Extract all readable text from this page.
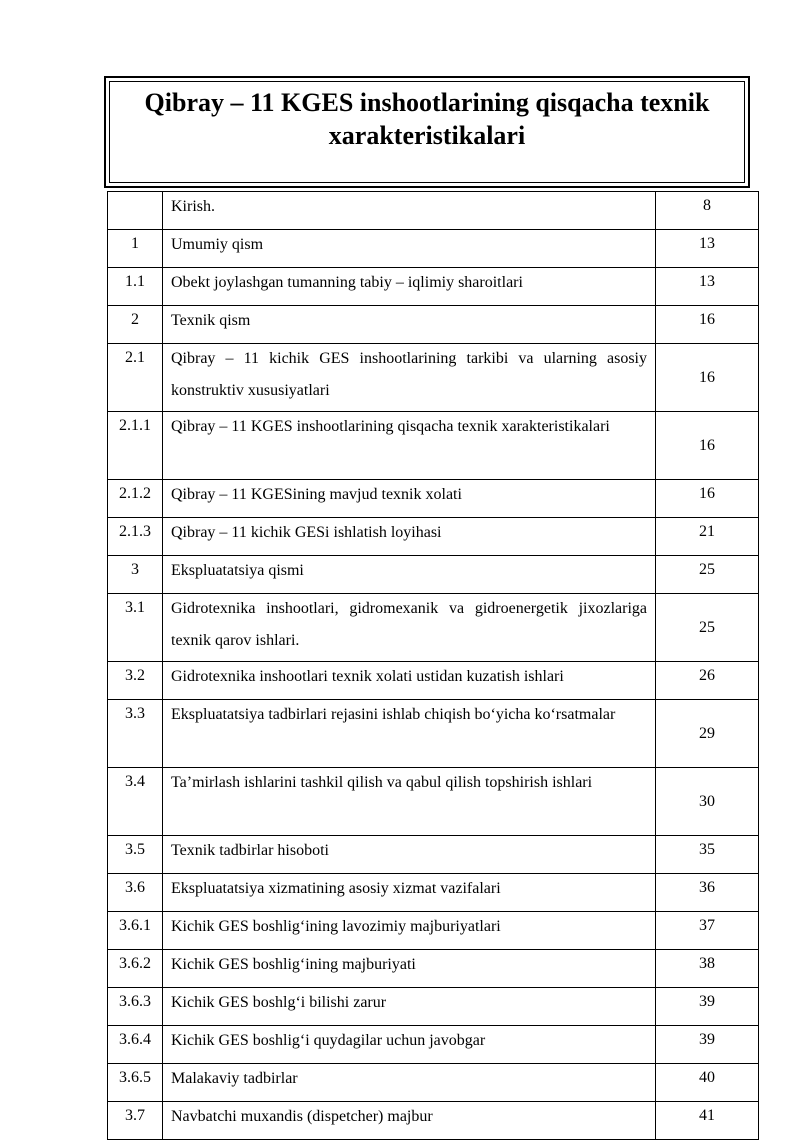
Qibray – 11 KGES inshootlarining qisqacha texnik xarakteristikalari

	Kirish.	8
1	Umumiy qism	13
1.1	Obekt joylashgan tumanning tabiy – iqlimiy sharoitlari	13
2	Texnik qism	16
2.1	Qibray – 11 kichik GES inshootlarining tarkibi va ularning asosiy konstruktiv xususiyatlari	16
2.1.1	Qibray – 11 KGES inshootlarining qisqacha texnik xarakteristikalari	16
2.1.2	Qibray – 11 KGESining mavjud texnik xolati	16
2.1.3	Qibray – 11 kichik GESi ishlatish loyihasi	21
3	Ekspluatatsiya qismi	25
3.1	Gidrotexnika inshootlari, gidromexanik va gidroenergetik jixozlariga texnik qarov ishlari.	25
3.2	Gidrotexnika inshootlari texnik xolati ustidan kuzatish ishlari	26
3.3	Ekspluatatsiya tadbirlari rejasini ishlab chiqish bo‘yicha ko‘rsatmalar	29
3.4	Ta’mirlash ishlarini tashkil qilish va qabul qilish topshirish ishlari	30
3.5	Texnik tadbirlar hisoboti	35
3.6	Ekspluatatsiya xizmatining asosiy xizmat vazifalari	36
3.6.1	Kichik GES boshlig‘ining lavozimiy majburiyatlari	37
3.6.2	Kichik GES boshlig‘ining majburiyati	38
3.6.3	Kichik GES boshlg‘i bilishi zarur	39
3.6.4	Kichik GES boshlig‘i quydagilar uchun javobgar	39
3.6.5	Malakaviy tadbirlar	40
3.7	Navbatchi muxandis (dispetcher) majbur	41
